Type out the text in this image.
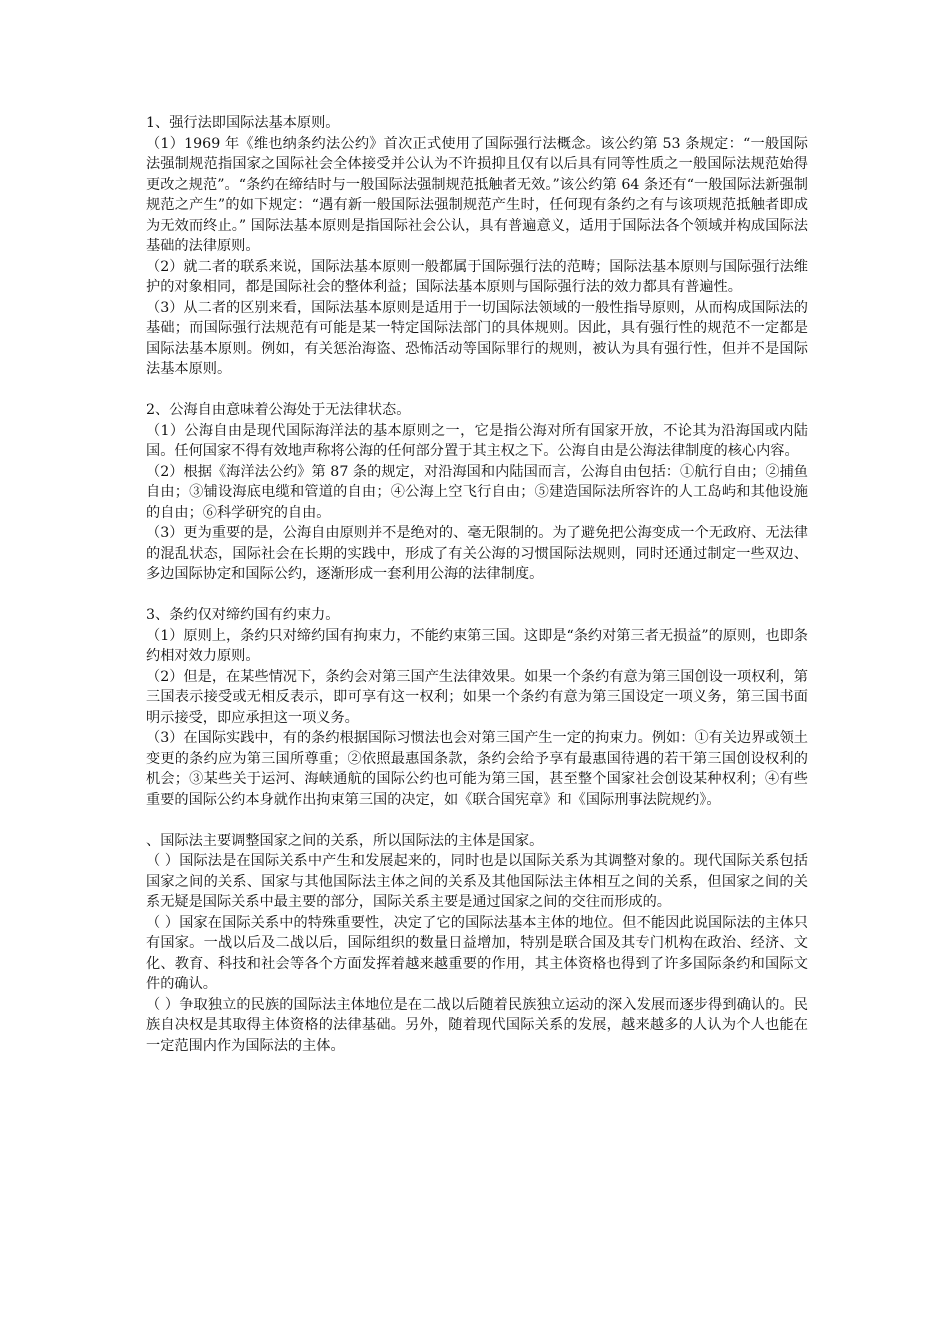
1、强行法即国际法基本原则。

（1）1969 年《维也纳条约法公约》首次正式使用了国际强行法概念。该公约第 53 条规定：“一般国际法强制规范指国家之国际社会全体接受并公认为不许损抑且仅有以后具有同等性质之一般国际法规范始得更改之规范”。“条约在缔结时与一般国际法强制规范抵触者无效。”该公约第 64 条还有“一般国际法新强制规范之产生”的如下规定：“遇有新一般国际法强制规范产生时，任何现有条约之有与该项规范抵触者即成为无效而终止。” 国际法基本原则是指国际社会公认，具有普遍意义，适用于国际法各个领域并构成国际法基础的法律原则。

（2）就二者的联系来说，国际法基本原则一般都属于国际强行法的范畴；国际法基本原则与国际强行法维护的对象相同，都是国际社会的整体利益；国际法基本原则与国际强行法的效力都具有普遍性。

（3）从二者的区别来看，国际法基本原则是适用于一切国际法领域的一般性指导原则，从而构成国际法的基础；而国际强行法规范有可能是某一特定国际法部门的具体规则。因此，具有强行性的规范不一定都是国际法基本原则。例如，有关惩治海盗、恐怖活动等国际罪行的规则，被认为具有强行性，但并不是国际法基本原则。

2、公海自由意味着公海处于无法律状态。

（1）公海自由是现代国际海洋法的基本原则之一，它是指公海对所有国家开放，不论其为沿海国或内陆国。任何国家不得有效地声称将公海的任何部分置于其主权之下。公海自由是公海法律制度的核心内容。

（2）根据《海洋法公约》第 87 条的规定，对沿海国和内陆国而言，公海自由包括：①航行自由；②捕鱼自由；③铺设海底电缆和管道的自由；④公海上空飞行自由；⑤建造国际法所容许的人工岛屿和其他设施的自由；⑥科学研究的自由。

（3）更为重要的是，公海自由原则并不是绝对的、毫无限制的。为了避免把公海变成一个无政府、无法律的混乱状态，国际社会在长期的实践中，形成了有关公海的习惯国际法规则，同时还通过制定一些双边、多边国际协定和国际公约，逐渐形成一套利用公海的法律制度。

3、条约仅对缔约国有约束力。

（1）原则上，条约只对缔约国有拘束力，不能约束第三国。这即是“条约对第三者无损益”的原则，也即条约相对效力原则。

（2）但是，在某些情况下，条约会对第三国产生法律效果。如果一个条约有意为第三国创设一项权利，第三国表示接受或无相反表示，即可享有这一权利；如果一个条约有意为第三国设定一项义务，第三国书面明示接受，即应承担这一项义务。

（3）在国际实践中，有的条约根据国际习惯法也会对第三国产生一定的拘束力。例如：①有关边界或领土变更的条约应为第三国所尊重；②依照最惠国条款，条约会给予享有最惠国待遇的若干第三国创设权利的机会；③某些关于运河、海峡通航的国际公约也可能为第三国，甚至整个国家社会创设某种权利；④有些重要的国际公约本身就作出拘束第三国的决定，如《联合国宪章》和《国际刑事法院规约》。

、国际法主要调整国家之间的关系，所以国际法的主体是国家。

（ ）国际法是在国际关系中产生和发展起来的，同时也是以国际关系为其调整对象的。现代国际关系包括国家之间的关系、国家与其他国际法主体之间的关系及其他国际法主体相互之间的关系，但国家之间的关系无疑是国际关系中最主要的部分，国际关系主要是通过国家之间的交往而形成的。

（ ）国家在国际关系中的特殊重要性，决定了它的国际法基本主体的地位。但不能因此说国际法的主体只有国家。一战以后及二战以后，国际组织的数量日益增加，特别是联合国及其专门机构在政治、经济、文化、教育、科技和社会等各个方面发挥着越来越重要的作用，其主体资格也得到了许多国际条约和国际文件的确认。

（ ）争取独立的民族的国际法主体地位是在二战以后随着民族独立运动的深入发展而逐步得到确认的。民族自决权是其取得主体资格的法律基础。另外，随着现代国际关系的发展，越来越多的人认为个人也能在一定范围内作为国际法的主体。
